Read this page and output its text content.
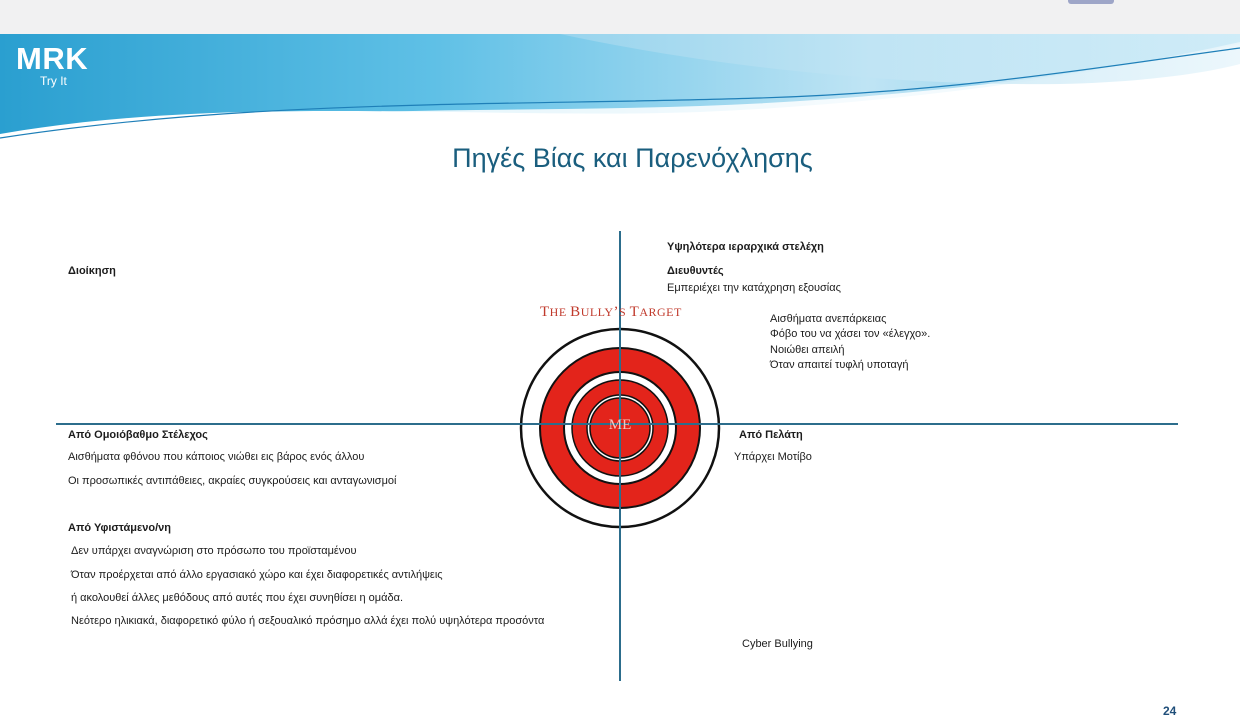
MRK
Try It
Πηγές Βίας και Παρενόχλησης
THE BULLY’S TARGET
ME
Διοίκηση
Υψηλότερα ιεραρχικά στελέχη
Διευθυντές
Εμπεριέχει την κατάχρηση εξουσίας
Αισθήματα ανεπάρκειας
Φόβο του να χάσει τον «έλεγχο».
Νοιώθει απειλή
Όταν απαιτεί τυφλή υποταγή
Από Ομοιόβαθμο Στέλεχος
Αισθήματα φθόνου που κάποιος νιώθει εις βάρος ενός άλλου
Οι προσωπικές αντιπάθειες, ακραίες συγκρούσεις και ανταγωνισμοί
Από Υφιστάμενο/νη
Δεν υπάρχει αναγνώριση στο πρόσωπο του προϊσταμένου
Όταν προέρχεται από άλλο εργασιακό χώρο και έχει διαφορετικές αντιλήψεις
ή ακολουθεί άλλες μεθόδους από αυτές που έχει συνηθίσει η ομάδα.
Νεότερο ηλικιακά, διαφορετικό φύλο ή σεξουαλικό πρόσημο αλλά έχει πολύ υψηλότερα προσόντα
Από Πελάτη
Υπάρχει Μοτίβο
Cyber Bullying
24
